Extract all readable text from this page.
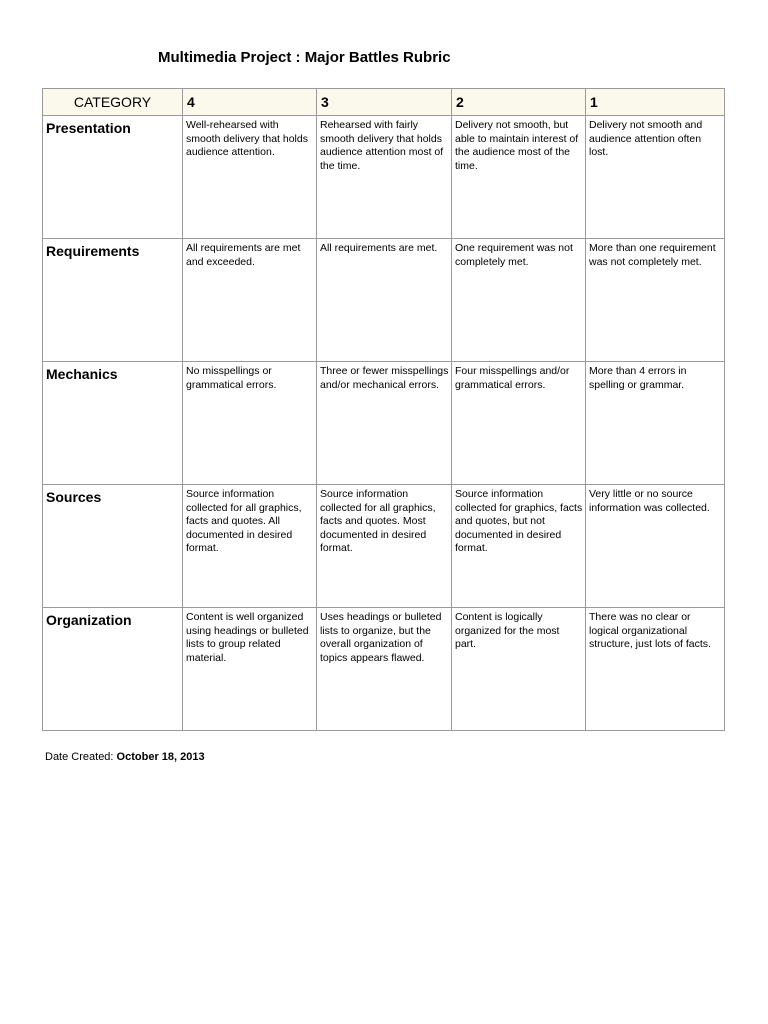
Multimedia Project : Major Battles Rubric
CATEGORY	4	3	2	1
Presentation	Well-rehearsed with smooth delivery that holds audience attention.	Rehearsed with fairly smooth delivery that holds audience attention most of the time.	Delivery not smooth, but able to maintain interest of the audience most of the time.	Delivery not smooth and audience attention often lost.
Requirements	All requirements are met and exceeded.	All requirements are met.	One requirement was not completely met.	More than one requirement was not completely met.
Mechanics	No misspellings or grammatical errors.	Three or fewer misspellings and/or mechanical errors.	Four misspellings and/or grammatical errors.	More than 4 errors in spelling or grammar.
Sources	Source information collected for all graphics, facts and quotes. All documented in desired format.	Source information collected for all graphics, facts and quotes. Most documented in desired format.	Source information collected for graphics, facts and quotes, but not documented in desired format.	Very little or no source information was collected.
Organization	Content is well organized using headings or bulleted lists to group related material.	Uses headings or bulleted lists to organize, but the overall organization of topics appears flawed.	Content is logically organized for the most part.	There was no clear or logical organizational structure, just lots of facts.
Date Created: October 18, 2013
